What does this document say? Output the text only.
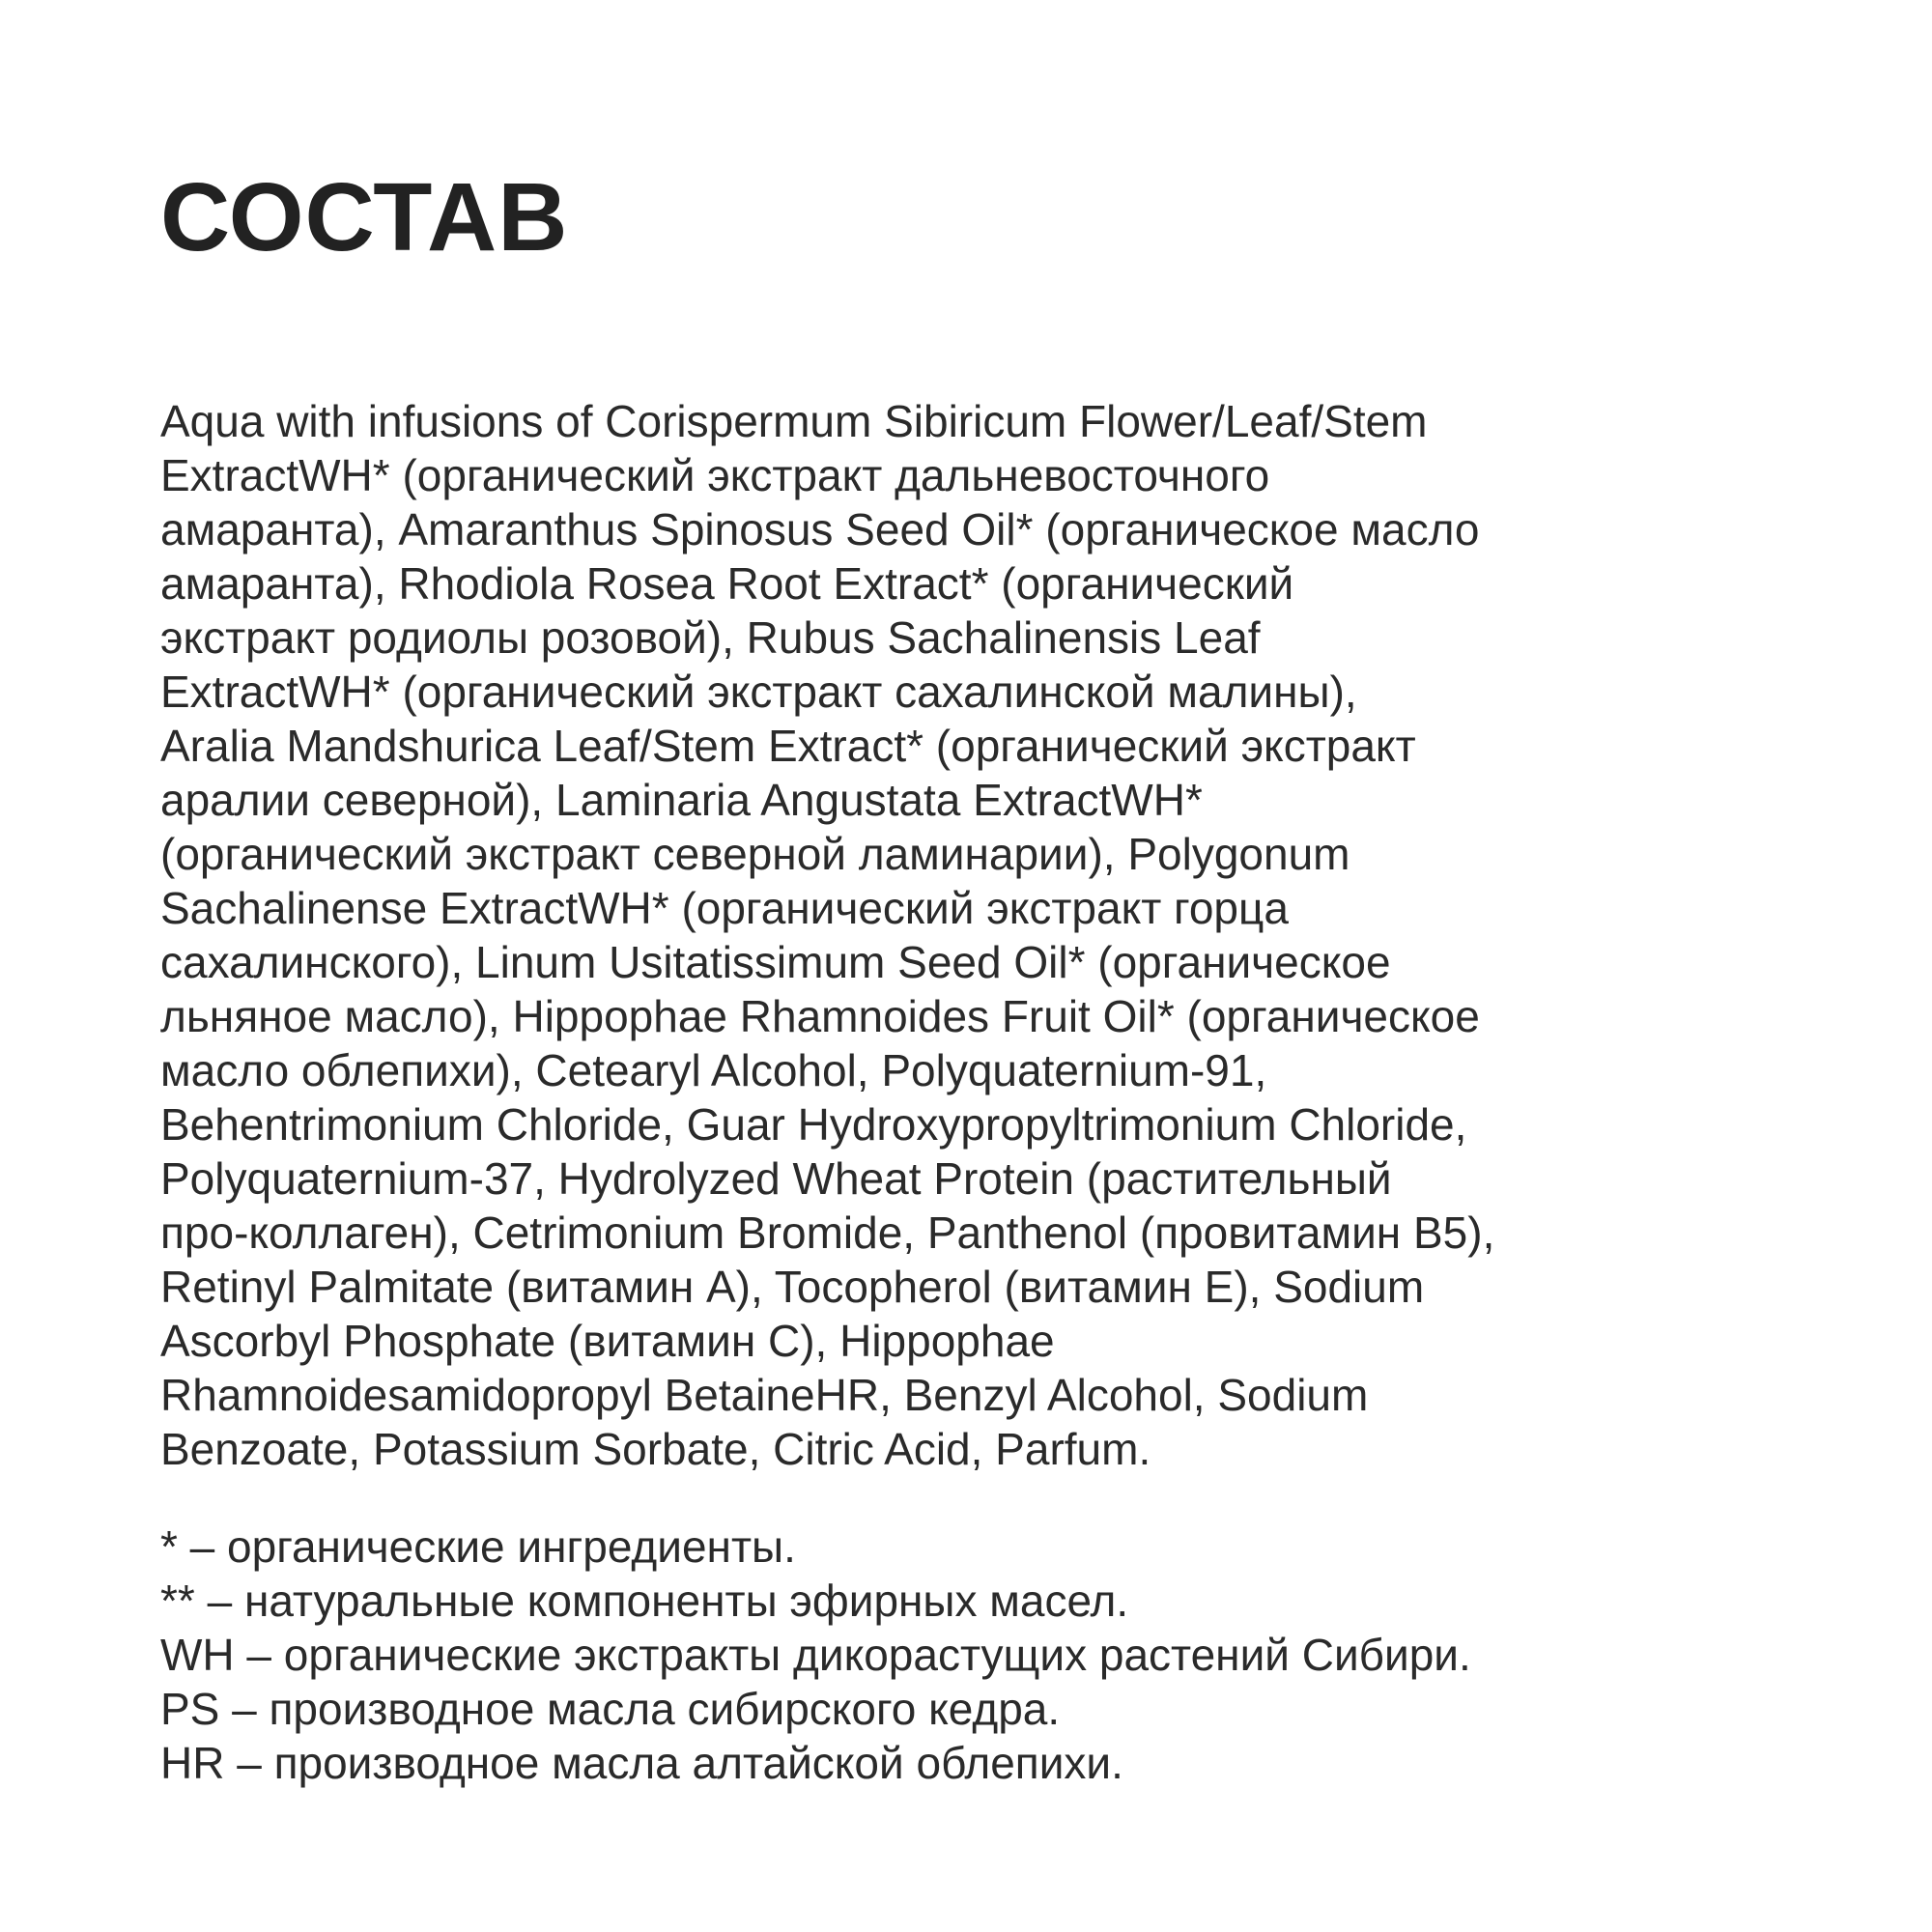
СОСТАВ

Aqua with infusions of Corispermum Sibiricum Flower/Leaf/Stem
ExtractWH* (органический экстракт дальневосточного
амаранта), Amaranthus Spinosus Seed Oil* (органическое масло
амаранта), Rhodiola Rosea Root Extract* (органический
экстракт родиолы розовой), Rubus Sachalinensis Leaf
ExtractWH* (органический экстракт сахалинской малины),
Aralia Mandshurica Leaf/Stem Extract* (органический экстракт
аралии северной), Laminaria Angustata ExtractWH*
(органический экстракт северной ламинарии), Polygonum
Sachalinense ExtractWH* (органический экстракт горца
сахалинского), Linum Usitatissimum Seed Oil* (органическое
льняное масло), Hippophae Rhamnoides Fruit Oil* (органическое
масло облепихи), Cetearyl Alcohol, Polyquaternium-91,
Behentrimonium Chloride, Guar Hydroxypropyltrimonium Chloride,
Polyquaternium-37, Hydrolyzed Wheat Protein (растительный
про-коллаген), Cetrimonium Bromide, Panthenol (провитамин B5),
Retinyl Palmitate (витамин А), Tocopherol (витамин Е), Sodium
Ascorbyl Phosphate (витамин С), Hippophae
Rhamnoidesamidopropyl BetaineHR, Benzyl Alcohol, Sodium
Benzoate, Potassium Sorbate, Citric Acid, Parfum.

* – органические ингредиенты.
** – натуральные компоненты эфирных масел.
WH – органические экстракты дикорастущих растений Сибири.
PS – производное масла сибирского кедра.
HR – производное масла алтайской облепихи.
